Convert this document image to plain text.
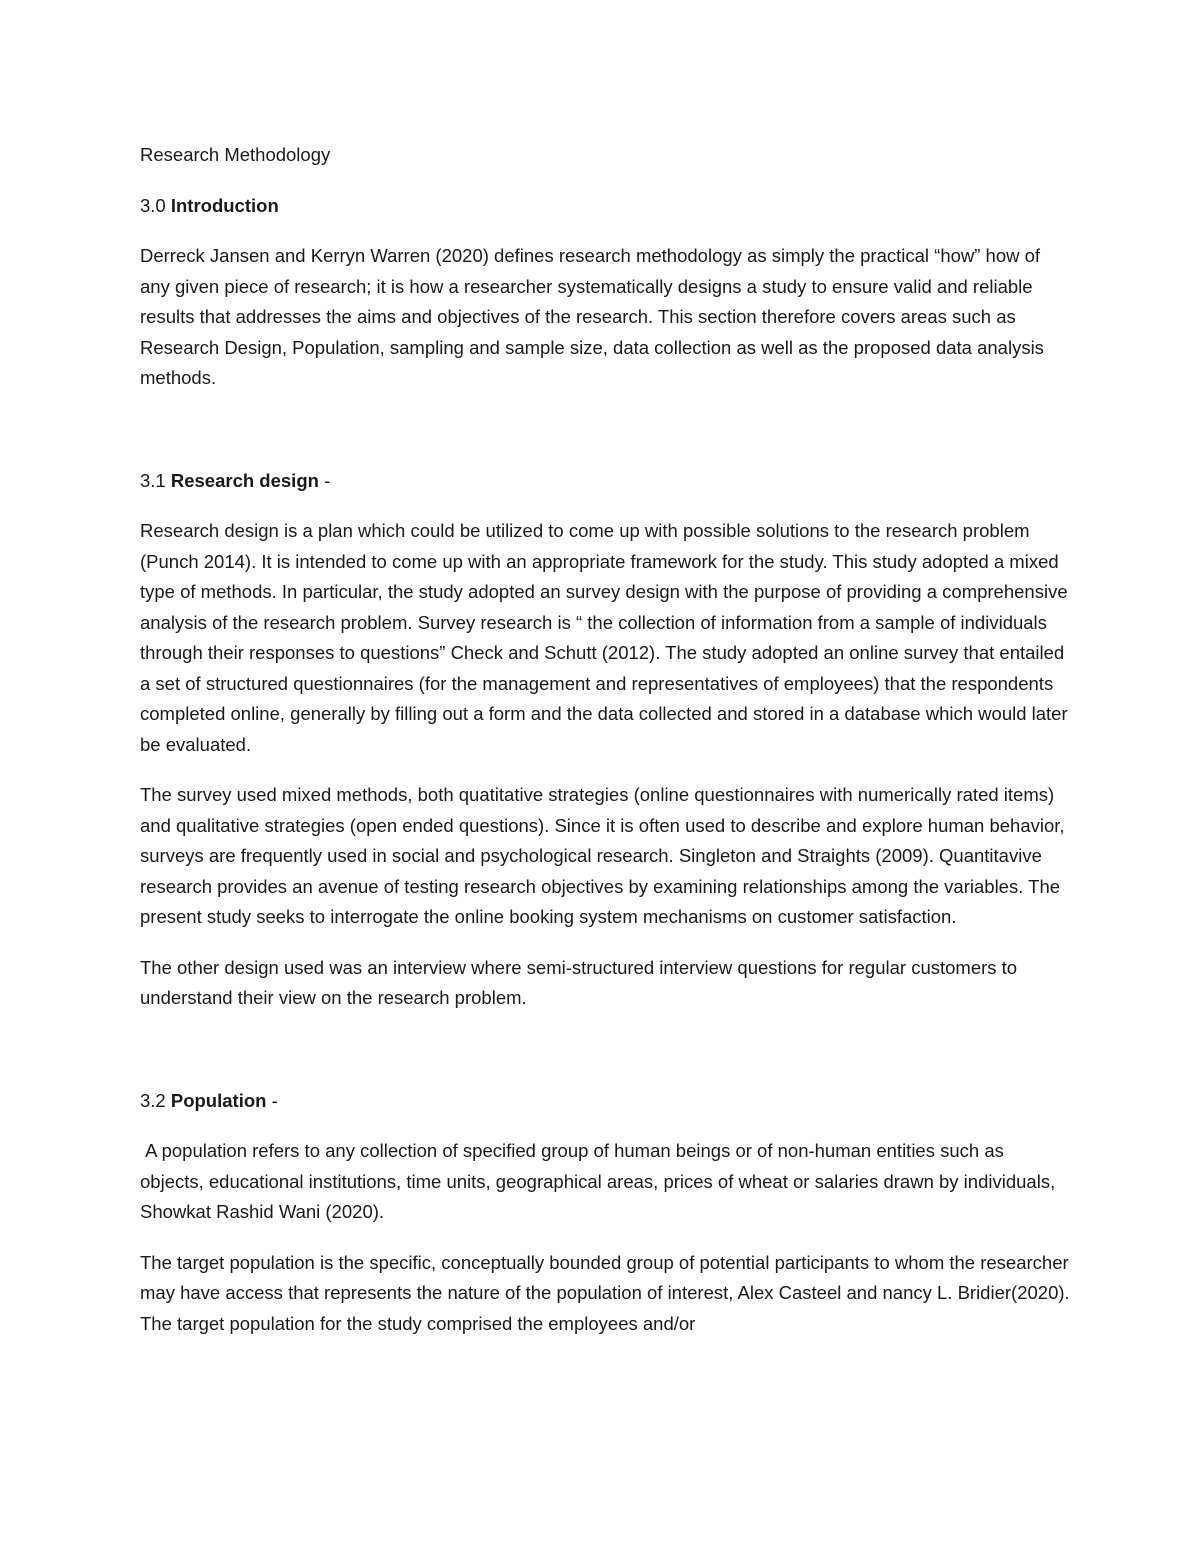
Research Methodology

3.0 Introduction

Derreck Jansen and Kerryn Warren (2020) defines research methodology as simply the practical “how” how of any given piece of research; it is how a researcher systematically designs a study to ensure valid and reliable results that addresses the aims and objectives of the research. This section therefore covers areas such as Research Design, Population, sampling and sample size, data collection as well as the proposed data analysis methods.

3.1 Research design -

Research design is a plan which could be utilized to come up with possible solutions to the research problem (Punch 2014). It is intended to come up with an appropriate framework for the study. This study adopted a mixed type of methods. In particular, the study adopted an survey design with the purpose of providing a comprehensive analysis of the research problem. Survey research is “ the collection of information from a sample of individuals through their responses to questions” Check and Schutt (2012). The study adopted an online survey that entailed a set of structured questionnaires (for the management and representatives of employees) that the respondents completed online, generally by filling out a form and the data collected and stored in a database which would later be evaluated.

The survey used mixed methods, both quatitative strategies (online questionnaires with numerically rated items) and qualitative strategies (open ended questions). Since it is often used to describe and explore human behavior, surveys are frequently used in social and psychological research. Singleton and Straights (2009). Quantitavive research provides an avenue of testing research objectives by examining relationships among the variables. The present study seeks to interrogate the online booking system mechanisms on customer satisfaction.

The other design used was an interview where semi-structured interview questions for regular customers to understand their view on the research problem.

3.2 Population -

A population refers to any collection of specified group of human beings or of non-human entities such as objects, educational institutions, time units, geographical areas, prices of wheat or salaries drawn by individuals, Showkat Rashid Wani (2020).

The target population is the specific, conceptually bounded group of potential participants to whom the researcher may have access that represents the nature of the population of interest, Alex Casteel and nancy L. Bridier(2020). The target population for the study comprised the employees and/or
